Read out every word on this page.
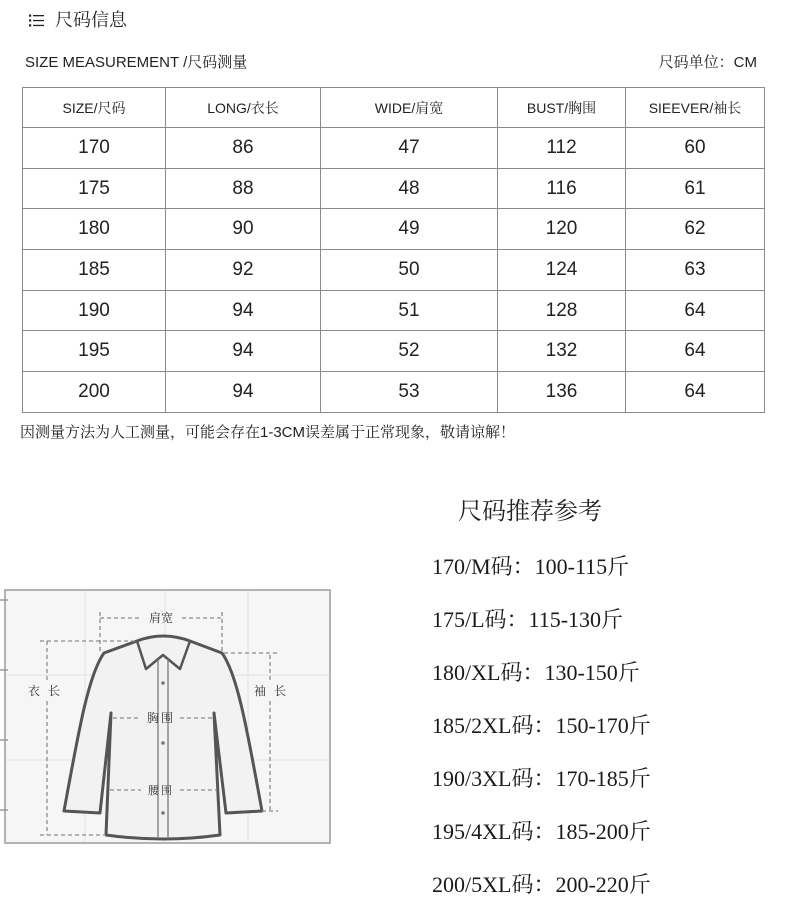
尺码信息
SIZE MEASUREMENT /尺码测量	尺码单位：CM
SIZE/尺码	LONG/衣长	WIDE/肩宽	BUST/胸围	SIEEVER/袖长
170	86	47	112	60
175	88	48	116	61
180	90	49	120	62
185	92	50	124	63
190	94	51	128	64
195	94	52	132	64
200	94	53	136	64
因测量方法为人工测量，可能会存在1-3CM误差属于正常现象，敬请谅解！
肩宽
衣长	袖长
胸围
腰围
尺码推荐参考
170/M码：100-115斤
175/L码：115-130斤
180/XL码：130-150斤
185/2XL码：150-170斤
190/3XL码：170-185斤
195/4XL码：185-200斤
200/5XL码：200-220斤
